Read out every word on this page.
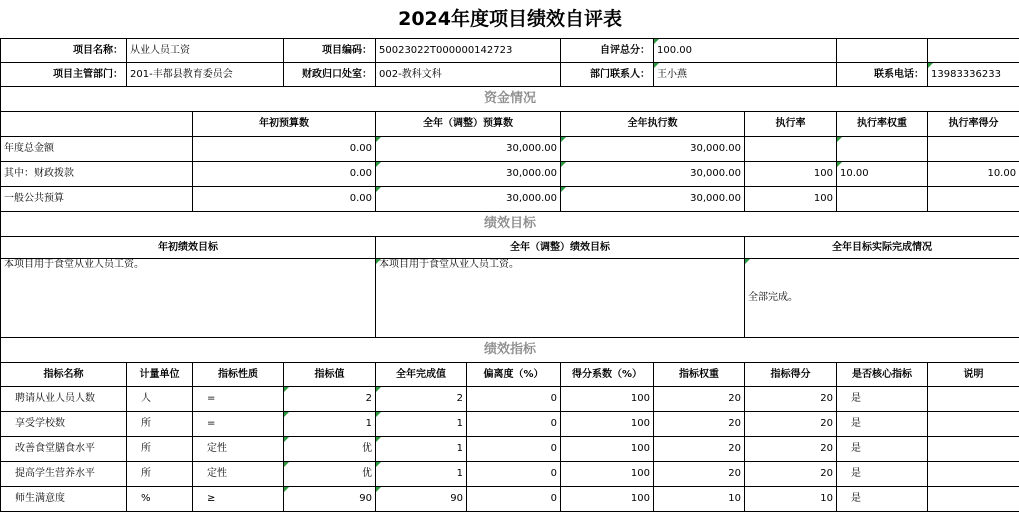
2024年度项目绩效自评表										
项目名称：	从业人员工资		项目编码：	50023022T000000142723		自评总分：	100.00			
项目主管部门：	201-丰都县教育委员会		财政归口处室：	002-教科文科		部门联系人：	王小燕		联系电话：	13983336233
资金情况										
		年初预算数		全年（调整）预算数		全年执行数		执行率	执行率权重	执行率得分
年度总金额		0.00		30,000.00		30,000.00				
其中：财政拨款		0.00		30,000.00		30,000.00		100	10.00	10.00
一般公共预算		0.00		30,000.00		30,000.00		100		
绩效目标										
年初绩效目标				全年（调整）绩效目标				全年目标实际完成情况		
本项目用于食堂从业人员工资。				本项目用于食堂从业人员工资。				全部完成。		
绩效指标										
指标名称	计量单位	指标性质	指标值	全年完成值	偏离度（%）	得分系数（%）	指标权重	指标得分	是否核心指标	说明
聘请从业人员人数	人	=	2	2	0	100	20	20	是	
享受学校数	所	=	1	1	0	100	20	20	是	
改善食堂膳食水平	所	定性	优	1	0	100	20	20	是	
提高学生营养水平	所	定性	优	1	0	100	20	20	是	
师生满意度	%	≥	90	90	0	100	10	10	是	
